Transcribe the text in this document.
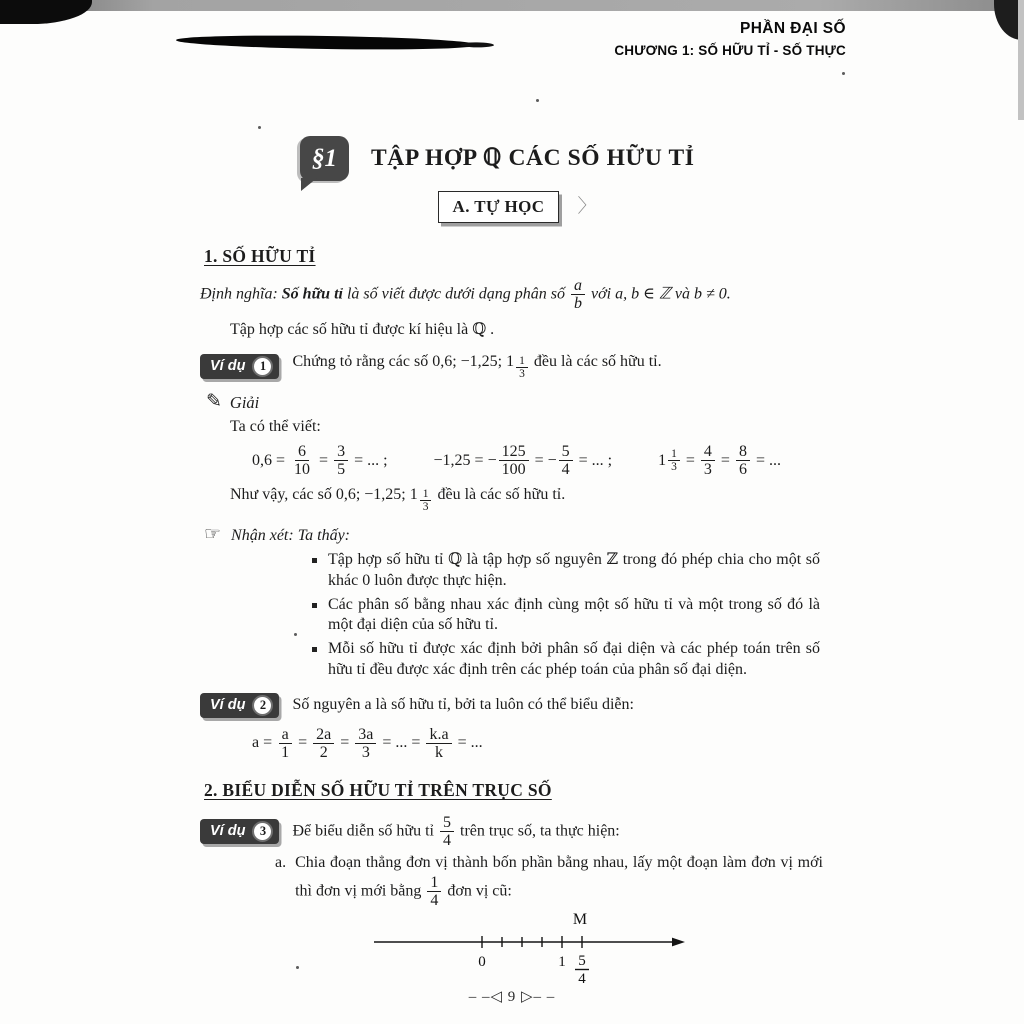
PHẦN ĐẠI SỐ
CHƯƠNG 1: SỐ HỮU TỈ - SỐ THỰC
§1 TẬP HỢP ℚ CÁC SỐ HỮU TỈ
A. TỰ HỌC	〉
1. SỐ HỮU TỈ

Định nghĩa: Số hữu tỉ là số viết được dưới dạng phân số $\frac{a}{b}$ với a, b ∈ ℤ và b ≠ 0.

Tập hợp các số hữu tỉ được kí hiệu là ℚ .

Ví dụ	1	Chứng tỏ rằng các số 0,6; −1,25; $1 \frac{1}{3}$ đều là các số hữu tỉ.
✎ Giải

Ta có thể viết:

$0,6 = \frac{6}{10} = \frac{3}{5}$ = ... ;	−1,25 = − $\frac{125}{100}$ = − $\frac{5}{4}$ = ... ;	$1 \frac{1}{3} = \frac{4}{3} = \frac{8}{6}$ = ...

Như vậy, các số 0,6; −1,25; $1 \frac{1}{3}$ đều là các số hữu tỉ.

☞ Nhận xét: Ta thấy:
Tập hợp số hữu tỉ ℚ là tập hợp số nguyên ℤ trong đó phép chia cho một số khác 0 luôn được thực hiện.
Các phân số bằng nhau xác định cùng một số hữu tỉ và một trong số đó là một đại diện của số hữu tỉ.
Mỗi số hữu tỉ được xác định bởi phân số đại diện và các phép toán trên số hữu tỉ đều được xác định trên các phép toán của phân số đại diện.
Ví dụ	2	Số nguyên a là số hữu tỉ, bởi ta luôn có thể biểu diễn:
$a = \frac{a}{1} = \frac{2a}{2} = \frac{3a}{3}$ = ... = $\frac{k.a}{k}$ = ...
2. BIỂU DIỄN SỐ HỮU TỈ TRÊN TRỤC SỐ
Ví dụ	3	Để biểu diễn số hữu tỉ $\frac{5}{4}$ trên trục số, ta thực hiện:
a. Chia đoạn thẳng đơn vị thành bốn phần bằng nhau, lấy một đoạn làm đơn vị mới thì đơn vị mới bằng $\frac{1}{4}$ đơn vị cũ:
M
0	1 5
4
– –◁ 9 ▷– –
